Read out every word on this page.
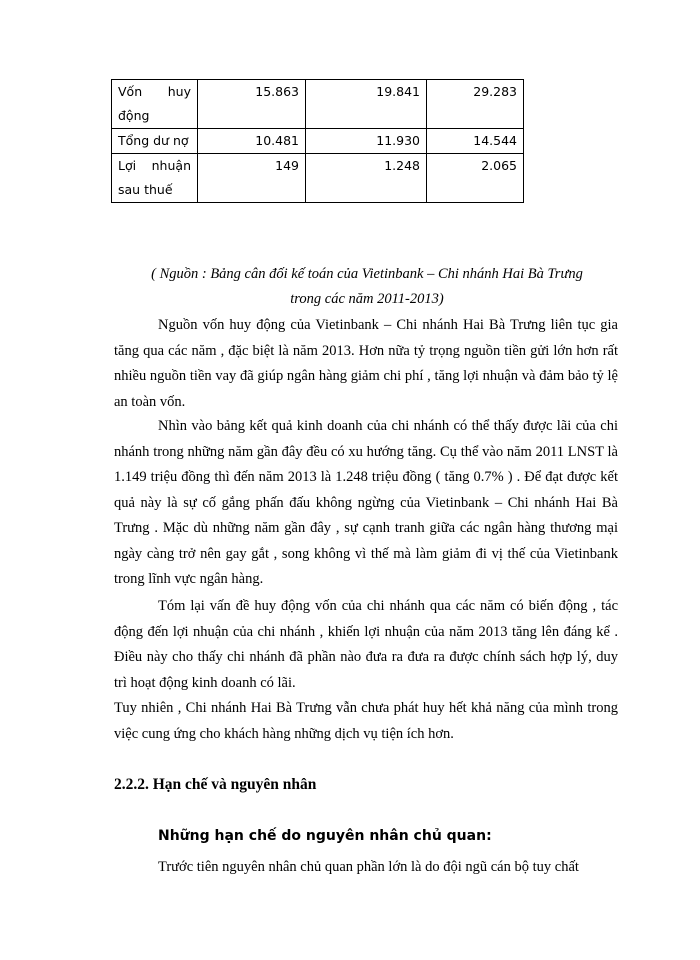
Vốn huy
động	15.863	19.841	29.283

Tổng dư nợ	10.481	11.930	14.544
Lợi nhuận
sau thuế	149	1.248	2.065
( Nguồn : Bảng cân đối kế toán của Vietinbank – Chi nhánh Hai Bà Trưng
trong các năm 2011-2013)
Nguồn vốn huy động của Vietinbank – Chi nhánh Hai Bà Trưng liên tục gia tăng qua các năm , đặc biệt là năm 2013. Hơn nữa tỷ trọng nguồn tiền gửi lớn hơn rất nhiều nguồn tiền vay đã giúp ngân hàng giảm chi phí , tăng lợi nhuận và đảm bảo tỷ lệ an toàn vốn.
Nhìn vào bảng kết quả kinh doanh của chi nhánh có thể thấy được lãi của chi nhánh trong những năm gần đây đều có xu hướng tăng. Cụ thể vào năm 2011 LNST là 1.149 triệu đồng thì đến năm 2013 là 1.248 triệu đồng ( tăng 0.7% ) . Để đạt được kết quả này là sự cố gắng phấn đấu không ngừng của Vietinbank – Chi nhánh Hai Bà Trưng . Mặc dù những năm gần đây , sự cạnh tranh giữa các ngân hàng thương mại ngày càng trở nên gay gắt , song không vì thế mà làm giảm đi vị thế của Vietinbank trong lĩnh vực ngân hàng.
Tóm lại vấn đề huy động vốn của chi nhánh qua các năm có biến động , tác động đến lợi nhuận của chi nhánh , khiến lợi nhuận của năm 2013 tăng lên đáng kể . Điều này cho thấy chi nhánh đã phần nào đưa ra đưa ra được chính sách hợp lý, duy trì hoạt động kinh doanh có lãi.
Tuy nhiên , Chi nhánh Hai Bà Trưng vẫn chưa phát huy hết khả năng của mình trong việc cung ứng cho khách hàng những dịch vụ tiện ích hơn.
2.2.2. Hạn chế và nguyên nhân
Những hạn chế do nguyên nhân chủ quan:
Trước tiên nguyên nhân chủ quan phần lớn là do đội ngũ cán bộ tuy chất
